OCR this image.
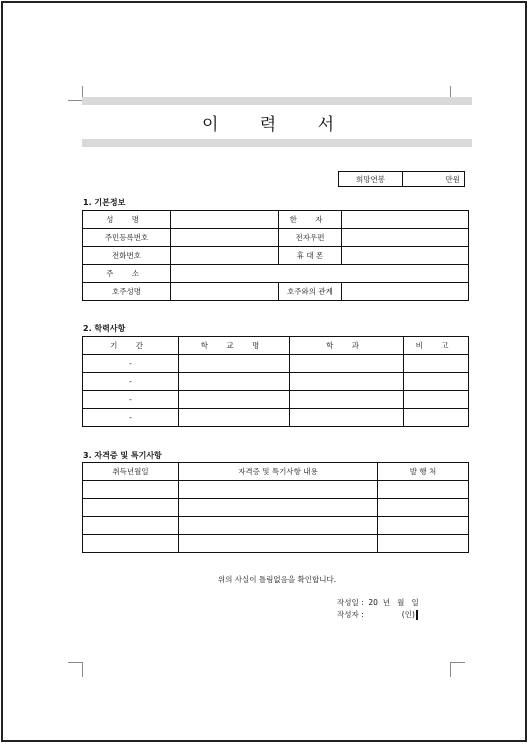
이 력 서
희망연봉	만원
1. 기본정보
성 명		한 자	
주민등록번호		전자우편	
전화번호		휴 대 폰	
주 소			
호주성명		호주와의 관계	
2. 학력사항
기 간	학 교 명	학 과	비 고
-			
-			
-			
-			
3. 자격증 및 특기사항
취득년월일	자격증 및 특기사항 내용	발 행 처

위의 사실이 틀림없음을 확인합니다.
작성일 :  20  년   월   일
작성자 :                (인)
